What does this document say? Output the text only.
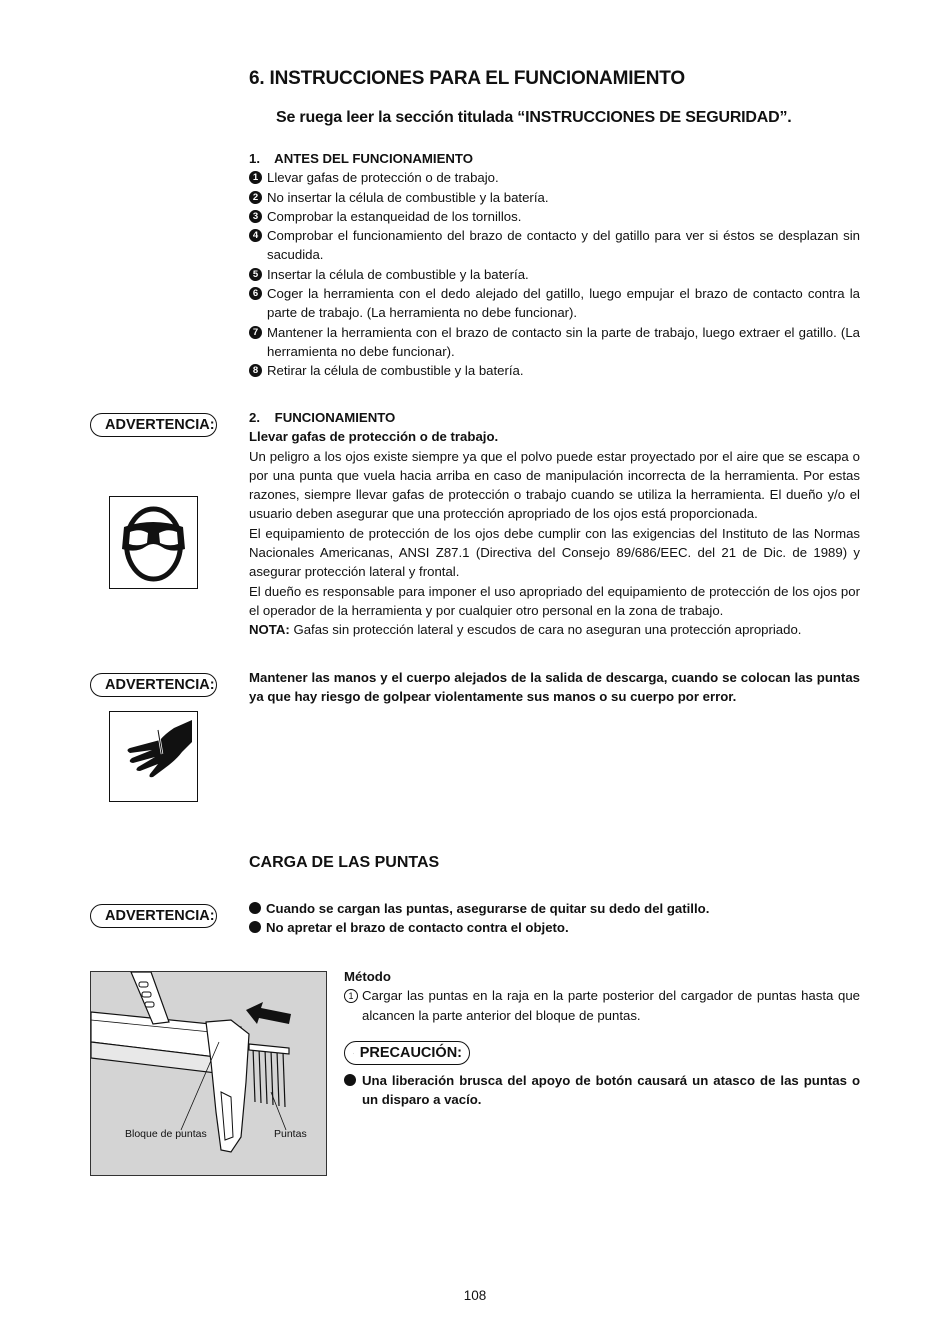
6. INSTRUCCIONES PARA EL FUNCIONAMIENTO
Se ruega leer la sección titulada “INSTRUCCIONES DE SEGURIDAD”.
1.    ANTES DEL FUNCIONAMIENTO
1 Llevar gafas de protección o de trabajo.
2 No insertar la célula de combustible y la batería.
3 Comprobar la estanqueidad de los tornillos.
4 Comprobar el funcionamiento del brazo de contacto y del gatillo para ver si éstos se desplazan sin sacudida.
5 Insertar la célula de combustible y la batería.
6 Coger la herramienta con el dedo alejado del gatillo, luego empujar el brazo de contacto contra la parte de trabajo. (La herramienta no debe funcionar).
7 Mantener la herramienta con el brazo de contacto sin la parte de trabajo, luego extraer el gatillo. (La herramienta no debe funcionar).
8 Retirar la célula de combustible y la batería.
ADVERTENCIA:	2.    FUNCIONAMIENTO
Llevar gafas de protección o de trabajo.
Un peligro a los ojos existe siempre ya que el polvo puede estar proyectado por el aire que se escapa o por una punta que vuela hacia arriba en caso de manipulación incorrecta de la herramienta. Por estas razones, siempre llevar gafas de protección o trabajo cuando se utiliza la herramienta. El dueño y/o el usuario deben asegurar que una protección apropriado de los ojos está proporcionada.
El equipamiento de protección de los ojos debe cumplir con las exigencias del Instituto de las Normas Nacionales Americanas, ANSI Z87.1 (Directiva del Consejo 89/686/EEC. del 21 de Dic. de 1989) y asegurar protección lateral y frontal.
El dueño es responsable para imponer el uso apropriado del equipamiento de protección de los ojos por el operador de la herramienta y por cualquier otro personal en la zona de trabajo.
NOTA: Gafas sin protección lateral y escudos de cara no aseguran una protección apropriado.
ADVERTENCIA:	Mantener las manos y el cuerpo alejados de la salida de descarga, cuando se colocan las puntas ya que hay riesgo de golpear violentamente sus manos o su cuerpo por error.
CARGA DE LAS PUNTAS
ADVERTENCIA:	Cuando se cargan las puntas, asegurarse de quitar su dedo del gatillo.
No apretar el brazo de contacto contra el objeto.
Bloque de puntas	Puntas
Método
1 Cargar las puntas en la raja en la parte posterior del cargador de puntas hasta que alcancen la parte anterior del bloque de puntas.
PRECAUCIÓN:
Una liberación brusca del apoyo de botón causará un atasco de las puntas o un disparo a vacío.
108
